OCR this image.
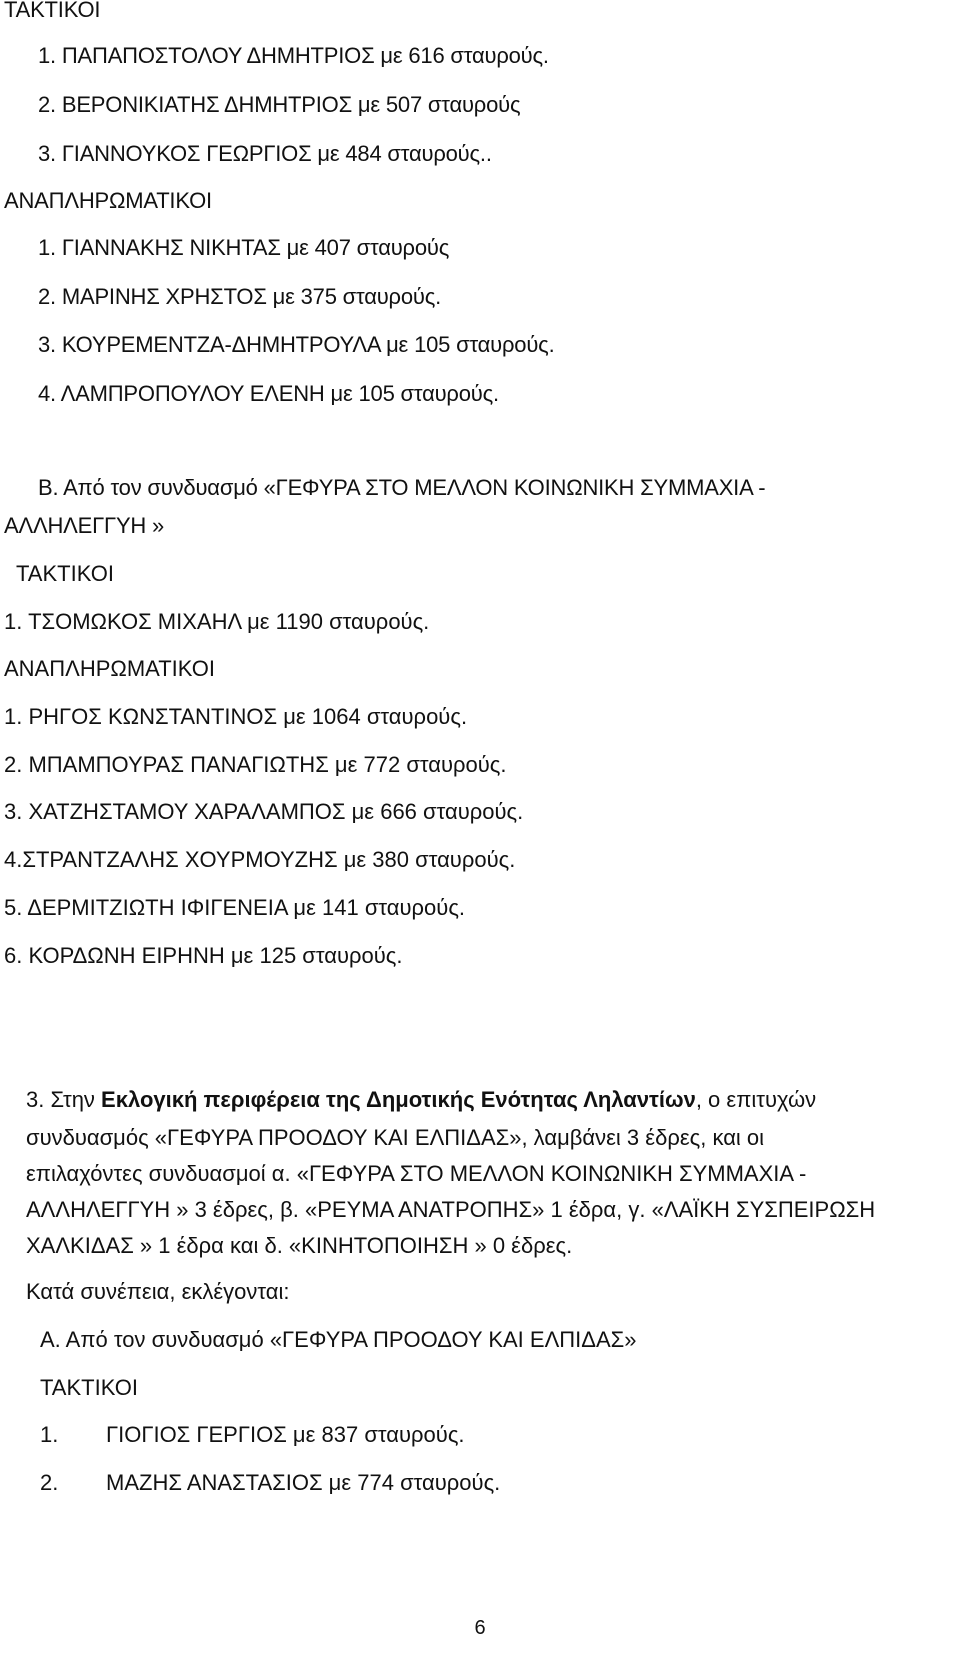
ΤΑΚΤΙΚΟΙ
1. ΠΑΠΑΠΟΣΤΟΛΟΥ ΔΗΜΗΤΡΙΟΣ με 616 σταυρούς.
2. ΒΕΡΟΝΙΚΙΑΤΗΣ ΔΗΜΗΤΡΙΟΣ με 507 σταυρούς
3. ΓΙΑΝΝΟΥΚΟΣ ΓΕΩΡΓΙΟΣ με 484 σταυρούς..
ΑΝΑΠΛΗΡΩΜΑΤΙΚΟΙ
1. ΓΙΑΝΝΑΚΗΣ ΝΙΚΗΤΑΣ με 407 σταυρούς
2. ΜΑΡΙΝΗΣ ΧΡΗΣΤΟΣ με 375 σταυρούς.
3. ΚΟΥΡΕΜΕΝΤΖΑ-ΔΗΜΗΤΡΟΥΛΑ με 105 σταυρούς.
4. ΛΑΜΠΡΟΠΟΥΛΟΥ ΕΛΕΝΗ με 105 σταυρούς.
Β. Από τον συνδυασμό «ΓΕΦΥΡΑ ΣΤΟ ΜΕΛΛΟΝ ΚΟΙΝΩΝΙΚΗ ΣΥΜΜΑΧΙΑ -
ΑΛΛΗΛΕΓΓΥΗ »
ΤΑΚΤΙΚΟΙ
1. ΤΣΟΜΩΚΟΣ ΜΙΧΑΗΛ με 1190 σταυρούς.
ΑΝΑΠΛΗΡΩΜΑΤΙΚΟΙ
1. ΡΗΓΟΣ ΚΩΝΣΤΑΝΤΙΝΟΣ με 1064 σταυρούς.
2. ΜΠΑΜΠΟΥΡΑΣ ΠΑΝΑΓΙΩΤΗΣ με 772 σταυρούς.
3. ΧΑΤΖΗΣΤΑΜΟΥ ΧΑΡΑΛΑΜΠΟΣ με 666 σταυρούς.
4.ΣΤΡΑΝΤΖΑΛΗΣ ΧΟΥΡΜΟΥΖΗΣ με 380 σταυρούς.
5. ΔΕΡΜΙΤΖΙΩΤΗ ΙΦΙΓΕΝΕΙΑ με 141 σταυρούς.
6. ΚΟΡΔΩΝΗ ΕΙΡΗΝΗ με 125 σταυρούς.
3. Στην Εκλογική περιφέρεια της Δημοτικής Ενότητας Ληλαντίων, ο επιτυχών
συνδυασμός «ΓΕΦΥΡΑ ΠΡΟΟΔΟΥ ΚΑΙ ΕΛΠΙΔΑΣ», λαμβάνει 3 έδρες, και οι
επιλαχόντες συνδυασμοί α. «ΓΕΦΥΡΑ ΣΤΟ ΜΕΛΛΟΝ ΚΟΙΝΩΝΙΚΗ ΣΥΜΜΑΧΙΑ -
ΑΛΛΗΛΕΓΓΥΗ » 3 έδρες, β. «ΡΕΥΜΑ ΑΝΑΤΡΟΠΗΣ» 1 έδρα, γ. «ΛΑΪΚΗ ΣΥΣΠΕΙΡΩΣΗ
ΧΑΛΚΙΔΑΣ » 1 έδρα και δ. «ΚΙΝΗΤΟΠΟΙΗΣΗ » 0 έδρες.
Κατά συνέπεια, εκλέγονται:
Α. Από τον συνδυασμό «ΓΕΦΥΡΑ ΠΡΟΟΔΟΥ ΚΑΙ ΕΛΠΙΔΑΣ»
ΤΑΚΤΙΚΟΙ
1. ΓΙΟΓΙΟΣ ΓΕΡΓΙΟΣ με 837 σταυρούς.
2. ΜΑΖΗΣ ΑΝΑΣΤΑΣΙΟΣ με 774 σταυρούς.
6
